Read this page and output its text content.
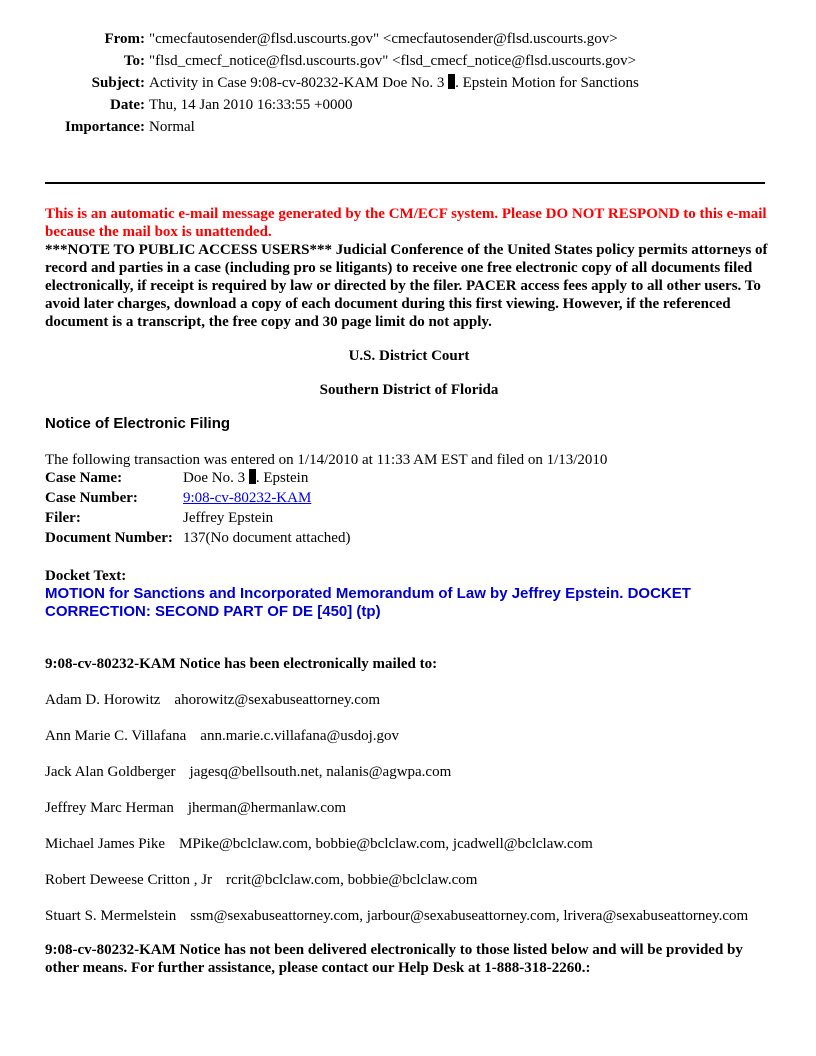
From: "cmecfautosender@flsd.uscourts.gov" <cmecfautosender@flsd.uscourts.gov>
To: "flsd_cmecf_notice@flsd.uscourts.gov" <flsd_cmecf_notice@flsd.uscourts.gov>
Subject: Activity in Case 9:08-cv-80232-KAM Doe No. 3 . Epstein Motion for Sanctions
Date: Thu, 14 Jan 2010 16:33:55 +0000
Importance: Normal
This is an automatic e-mail message generated by the CM/ECF system. Please DO NOT RESPOND to this e-mail because the mail box is unattended.
***NOTE TO PUBLIC ACCESS USERS*** Judicial Conference of the United States policy permits attorneys of record and parties in a case (including pro se litigants) to receive one free electronic copy of all documents filed electronically, if receipt is required by law or directed by the filer. PACER access fees apply to all other users. To avoid later charges, download a copy of each document during this first viewing. However, if the referenced document is a transcript, the free copy and 30 page limit do not apply.
U.S. District Court
Southern District of Florida
Notice of Electronic Filing
The following transaction was entered on 1/14/2010 at 11:33 AM EST and filed on 1/13/2010
Case Name:	Doe No. 3 . Epstein
Case Number:	9:08-cv-80232-KAM
Filer:	Jeffrey Epstein
Document Number:	137(No document attached)
Docket Text:
MOTION for Sanctions and Incorporated Memorandum of Law by Jeffrey Epstein. DOCKET CORRECTION: SECOND PART OF DE [450] (tp)
9:08-cv-80232-KAM Notice has been electronically mailed to:
Adam D. Horowitz ahorowitz@sexabuseattorney.com
Ann Marie C. Villafana ann.marie.c.villafana@usdoj.gov
Jack Alan Goldberger jagesq@bellsouth.net, nalanis@agwpa.com
Jeffrey Marc Herman jherman@hermanlaw.com
Michael James Pike MPike@bclclaw.com, bobbie@bclclaw.com, jcadwell@bclclaw.com
Robert Deweese Critton , Jr rcrit@bclclaw.com, bobbie@bclclaw.com
Stuart S. Mermelstein ssm@sexabuseattorney.com, jarbour@sexabuseattorney.com, lrivera@sexabuseattorney.com
9:08-cv-80232-KAM Notice has not been delivered electronically to those listed below and will be provided by other means. For further assistance, please contact our Help Desk at 1-888-318-2260.:
